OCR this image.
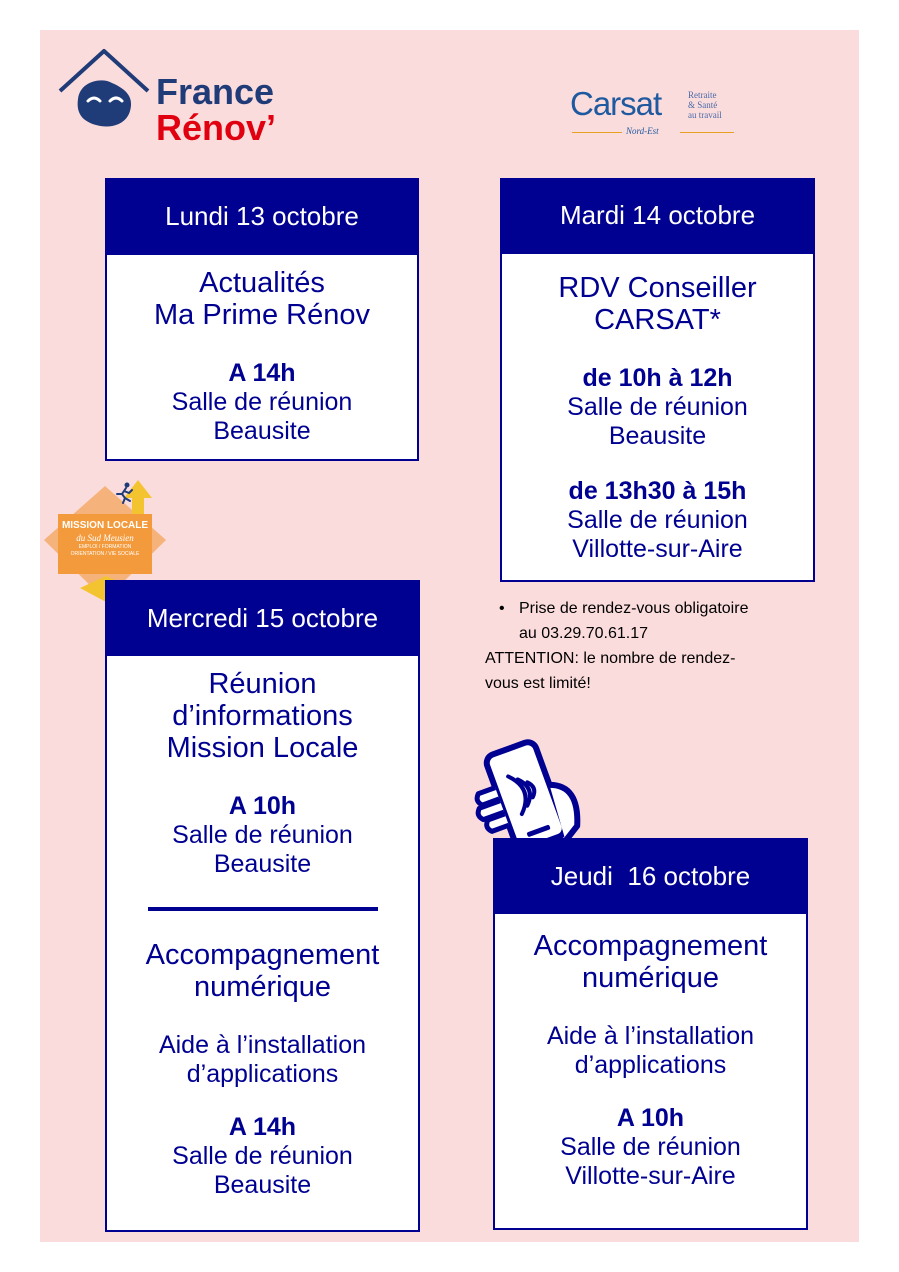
France
Rénov’
Carsat	Retraite
& Santé
au travail
Nord-Est
Lundi 13 octobre
Actualités
Ma Prime Rénov
A 14h
Salle de réunion
Beausite
Mardi 14 octobre
RDV Conseiller
CARSAT*
de 10h à 12h
Salle de réunion
Beausite
de 13h30 à 15h
Salle de réunion
Villotte-sur-Aire
• Prise de rendez-vous obligatoire
au 03.29.70.61.17
ATTENTION: le nombre de rendez-
vous est limité!
MISSION LOCALE
du Sud Meusien
EMPLOI / FORMATION
ORIENTATION / VIE SOCIALE
Mercredi 15 octobre
Réunion
d’informations
Mission Locale
A 10h
Salle de réunion
Beausite
Accompagnement
numérique
Aide à l’installation
d’applications
A 14h
Salle de réunion
Beausite
Jeudi  16 octobre
Accompagnement
numérique
Aide à l’installation
d’applications
A 10h
Salle de réunion
Villotte-sur-Aire
